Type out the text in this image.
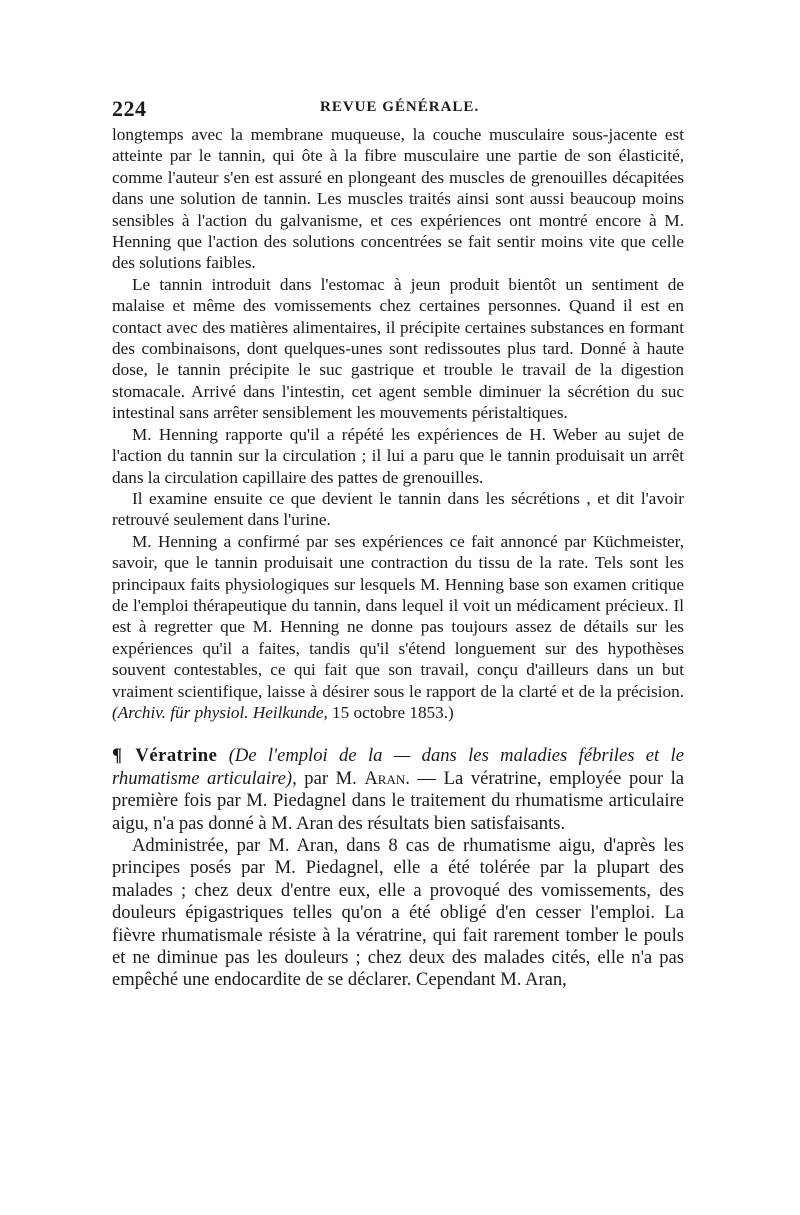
224	REVUE GÉNÉRALE.

longtemps avec la membrane muqueuse, la couche musculaire sous-jacente est atteinte par le tannin, qui ôte à la fibre musculaire une partie de son élasticité, comme l'auteur s'en est assuré en plongeant des muscles de grenouilles décapitées dans une solution de tannin. Les muscles traités ainsi sont aussi beaucoup moins sensibles à l'action du galvanisme, et ces expériences ont montré encore à M. Henning que l'action des solutions concentrées se fait sentir moins vite que celle des solutions faibles.

Le tannin introduit dans l'estomac à jeun produit bientôt un sentiment de malaise et même des vomissements chez certaines personnes. Quand il est en contact avec des matières alimentaires, il précipite certaines substances en formant des combinaisons, dont quelques-unes sont redissoutes plus tard. Donné à haute dose, le tannin précipite le suc gastrique et trouble le travail de la digestion stomacale. Arrivé dans l'intestin, cet agent semble diminuer la sécrétion du suc intestinal sans arrêter sensiblement les mouvements péristaltiques.

M. Henning rapporte qu'il a répété les expériences de H. Weber au sujet de l'action du tannin sur la circulation ; il lui a paru que le tannin produisait un arrêt dans la circulation capillaire des pattes de grenouilles.

Il examine ensuite ce que devient le tannin dans les sécrétions , et dit l'avoir retrouvé seulement dans l'urine.

M. Henning a confirmé par ses expériences ce fait annoncé par Küchmeister, savoir, que le tannin produisait une contraction du tissu de la rate. Tels sont les principaux faits physiologiques sur lesquels M. Henning base son examen critique de l'emploi thérapeutique du tannin, dans lequel il voit un médicament précieux. Il est à regretter que M. Henning ne donne pas toujours assez de détails sur les expériences qu'il a faites, tandis qu'il s'étend longuement sur des hypothèses souvent contestables, ce qui fait que son travail, conçu d'ailleurs dans un but vraiment scientifique, laisse à désirer sous le rapport de la clarté et de la précision. (Archiv. für physiol. Heilkunde, 15 octobre 1853.)

¶ Vératrine (De l'emploi de la — dans les maladies fébriles et le rhumatisme articulaire), par M. Aran. — La vératrine, employée pour la première fois par M. Piedagnel dans le traitement du rhumatisme articulaire aigu, n'a pas donné à M. Aran des résultats bien satisfaisants.

Administrée, par M. Aran, dans 8 cas de rhumatisme aigu, d'après les principes posés par M. Piedagnel, elle a été tolérée par la plupart des malades ; chez deux d'entre eux, elle a provoqué des vomissements, des douleurs épigastriques telles qu'on a été obligé d'en cesser l'emploi. La fièvre rhumatismale résiste à la vératrine, qui fait rarement tomber le pouls et ne diminue pas les douleurs ; chez deux des malades cités, elle n'a pas empêché une endocardite de se déclarer. Cependant M. Aran,
